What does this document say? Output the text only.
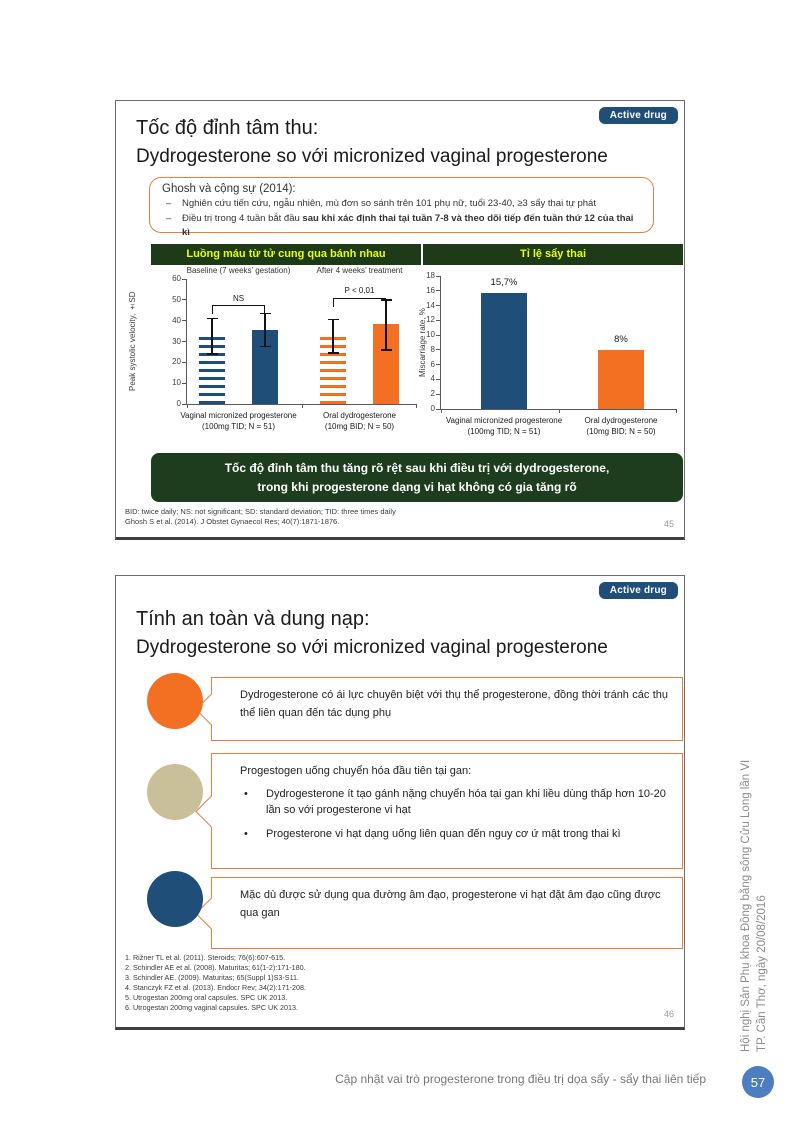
Active drug
Tốc độ đỉnh tâm thu:
Dydrogesterone so với micronized vaginal progesterone
Ghosh và cộng sự (2014):
–	Nghiên cứu tiến cứu, ngẫu nhiên, mù đơn so sánh trên 101 phụ nữ, tuổi 23-40, ≥3 sẩy thai tự phát
–	Điều trị trong 4 tuần bắt đầu sau khi xác định thai tại tuần 7-8 và theo dõi tiếp đến tuần thứ 12 của thai kì
Luồng máu từ tử cung qua bánh nhau	Tỉ lệ sẩy thai
Peak systolic velocity, ±SD
0
10
20
30
40
50
60
NS
Baseline (7 weeks’ gestation)
Vaginal micronized progesterone
(100mg TID; N = 51)
P < 0,01
After 4 weeks’ treatment
Oral dydrogesterone
(10mg BID; N = 50)
Miscarriage rate, %
0
2
4
6
8
10
12
14
16
18
15,7%
Vaginal micronized progesterone
(100mg TID; N = 51)
8%
Oral dydrogesterone
(10mg BID; N = 50)
Tốc độ đỉnh tâm thu tăng rõ rệt sau khi điều trị với dydrogesterone,
trong khi progesterone dạng vi hạt không có gia tăng rõ
BID: twice daily; NS: not significant; SD: standard deviation; TID: three times daily
Ghosh S et al. (2014). J Obstet Gynaecol Res; 40(7):1871-1876.	45
Active drug
Tính an toàn và dung nạp:
Dydrogesterone so với micronized vaginal progesterone
Dydrogesterone có ái lực chuyên biệt với thụ thể progesterone, đồng thời tránh các thụ thể liên quan đến tác dụng phụ
Progestogen uống chuyển hóa đầu tiên tại gan:
•	Dydrogesterone ít tạo gánh nặng chuyển hóa tại gan khi liều dùng thấp hơn 10-20 lần so với progesterone vi hạt
•	Progesterone vi hạt dạng uống liên quan đến nguy cơ ứ mật trong thai kì
Mặc dù được sử dụng qua đường âm đạo, progesterone vi hạt đặt âm đạo cũng được qua gan
1. Rižner TL et al. (2011). Steroids; 76(6):607-615.
2. Schindler AE et al. (2008). Maturitas; 61(1-2):171-180.
3. Schindler AE. (2009). Maturitas; 65(Suppl 1)S3-S11.
4. Stanczyk FZ et al. (2013). Endocr Rev; 34(2):171-208.
5. Utrogestan 200mg oral capsules. SPC UK 2013.
6. Utrogestan 200mg vaginal capsules. SPC UK 2013.
46	Hội nghị Sản Phụ khoa Đồng bằng sông Cửu Long lần VI TP. Cần Thơ, ngày 20/08/2016
Cập nhật vai trò progesterone trong điều trị dọa sẩy - sẩy thai liên tiếp	57
